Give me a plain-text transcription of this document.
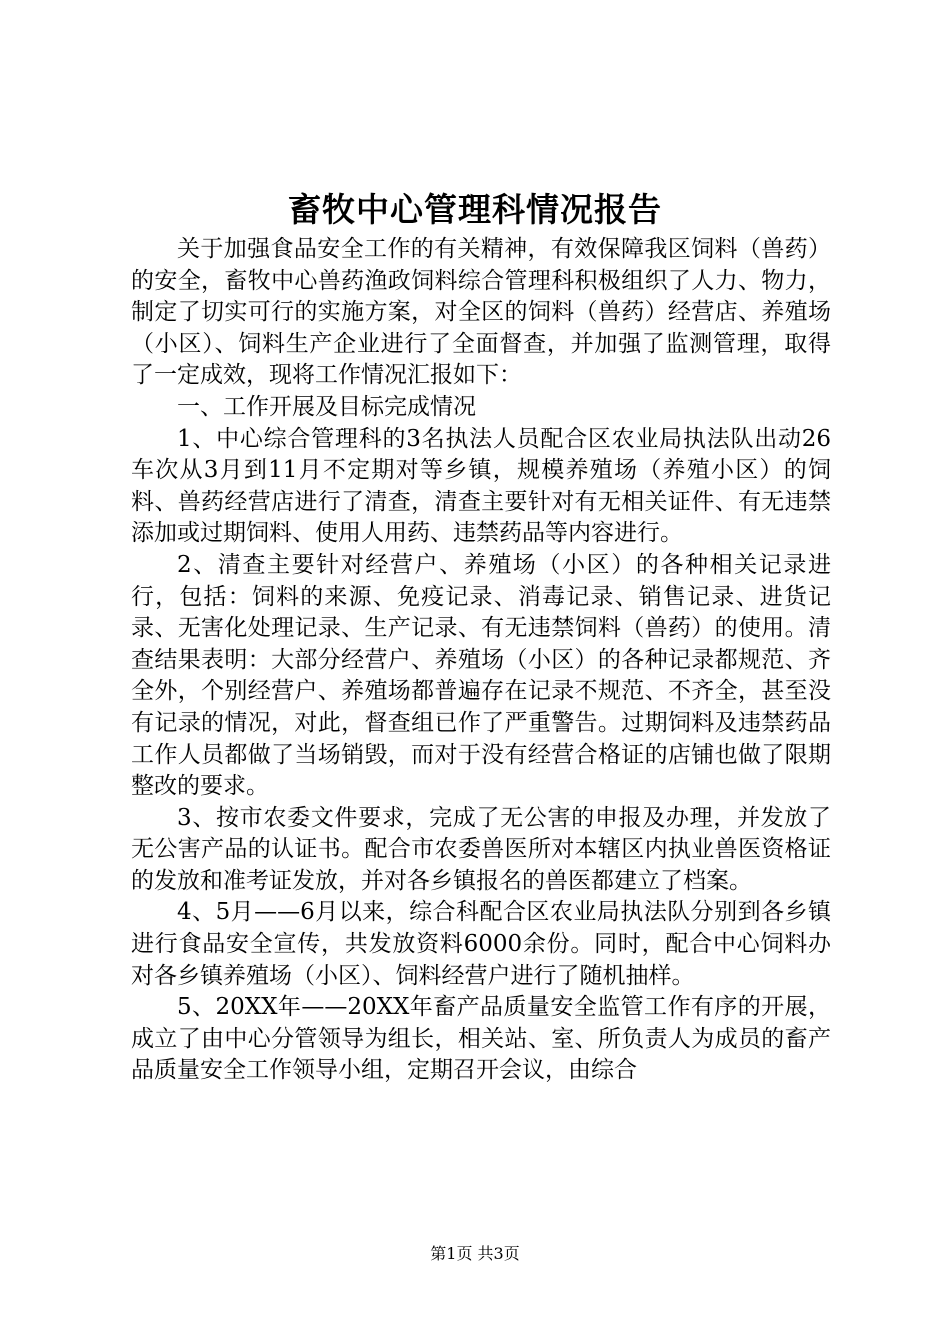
畜牧中心管理科情况报告

关于加强食品安全工作的有关精神，有效保障我区饲料（兽药）的安全，畜牧中心兽药渔政饲料综合管理科积极组织了人力、物力，制定了切实可行的实施方案，对全区的饲料（兽药）经营店、养殖场（小区）、饲料生产企业进行了全面督查，并加强了监测管理，取得了一定成效，现将工作情况汇报如下：

一、工作开展及目标完成情况

1、中心综合管理科的3名执法人员配合区农业局执法队出动26车次从3月到11月不定期对等乡镇，规模养殖场（养殖小区）的饲料、兽药经营店进行了清查，清查主要针对有无相关证件、有无违禁添加或过期饲料、使用人用药、违禁药品等内容进行。

2、清查主要针对经营户、养殖场（小区）的各种相关记录进行，包括：饲料的来源、免疫记录、消毒记录、销售记录、进货记录、无害化处理记录、生产记录、有无违禁饲料（兽药）的使用。清查结果表明：大部分经营户、养殖场（小区）的各种记录都规范、齐全外，个别经营户、养殖场都普遍存在记录不规范、不齐全，甚至没有记录的情况，对此，督查组已作了严重警告。过期饲料及违禁药品工作人员都做了当场销毁，而对于没有经营合格证的店铺也做了限期整改的要求。

3、按市农委文件要求，完成了无公害的申报及办理，并发放了无公害产品的认证书。配合市农委兽医所对本辖区内执业兽医资格证的发放和准考证发放，并对各乡镇报名的兽医都建立了档案。

4、5月——6月以来，综合科配合区农业局执法队分别到各乡镇进行食品安全宣传，共发放资料6000余份。同时，配合中心饲料办对各乡镇养殖场（小区）、饲料经营户进行了随机抽样。

5、20XX年——20XX年畜产品质量安全监管工作有序的开展，成立了由中心分管领导为组长，相关站、室、所负责人为成员的畜产品质量安全工作领导小组，定期召开会议，由综合

第1页 共3页
